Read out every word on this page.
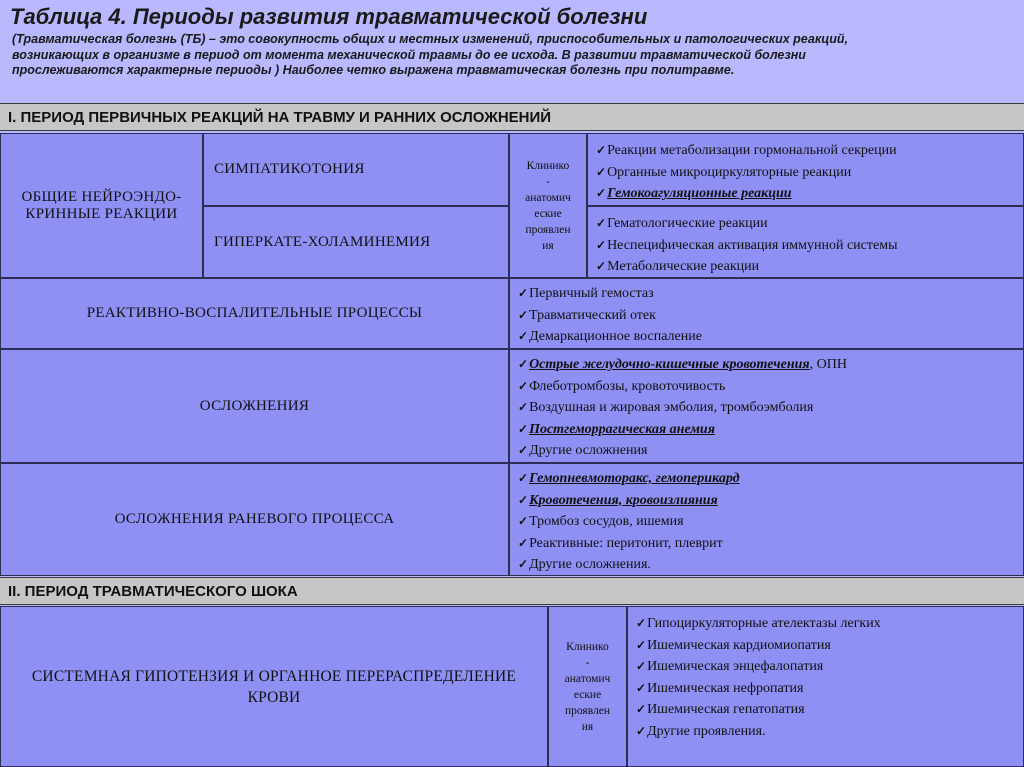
Таблица 4. Периоды развития травматической болезни
(Травматическая болезнь (ТБ) – это совокупность общих и местных изменений, приспособительных и патологических реакций,
возникающих в организме в период от момента механической травмы до ее исхода. В развитии травматической болезни
прослеживаются характерные периоды ) Наиболее четко выражена травматическая болезнь при политравме.
I. ПЕРИОД ПЕРВИЧНЫХ РЕАКЦИЙ НА ТРАВМУ И РАННИХ ОСЛОЖНЕНИЙ
ОБЩИЕ НЕЙРОЭНДО-
КРИННЫЕ РЕАКЦИИ
СИМПАТИКОТОНИЯ
ГИПЕРКАТЕ-ХОЛАМИНЕМИЯ
Клинико
-
анатомич
еские
проявлен
ия
✓Реакции метаболизации гормональной секреции
✓Органные микроциркуляторные реакции
✓Гемокоагуляционные реакции
✓Гематологические реакции
✓Неспецифическая активация иммунной системы
✓Метаболические реакции
РЕАКТИВНО-ВОСПАЛИТЕЛЬНЫЕ ПРОЦЕССЫ
✓Первичный гемостаз
✓Травматический отек
✓Демаркационное воспаление
ОСЛОЖНЕНИЯ
✓Острые желудочно-кишечные кровотечения, ОПН
✓Флеботромбозы, кровоточивость
✓Воздушная и жировая эмболия, тромбоэмболия
✓Постгеморрагическая анемия
✓Другие осложнения
ОСЛОЖНЕНИЯ РАНЕВОГО ПРОЦЕССА
✓Гемопневмоторакс, гемоперикард
✓Кровотечения, кровоизлияния
✓Тромбоз сосудов, ишемия
✓Реактивные: перитонит, плеврит
✓Другие осложнения.
II. ПЕРИОД ТРАВМАТИЧЕСКОГО ШОКА
СИСТЕМНАЯ ГИПОТЕНЗИЯ И ОРГАННОЕ ПЕРЕРАСПРЕДЕЛЕНИЕ
КРОВИ
Клинико
-
анатомич
еские
проявлен
ия
✓Гипоциркуляторные ателектазы легких
✓Ишемическая кардиомиопатия
✓Ишемическая энцефалопатия
✓Ишемическая нефропатия
✓Ишемическая гепатопатия
✓Другие проявления.
